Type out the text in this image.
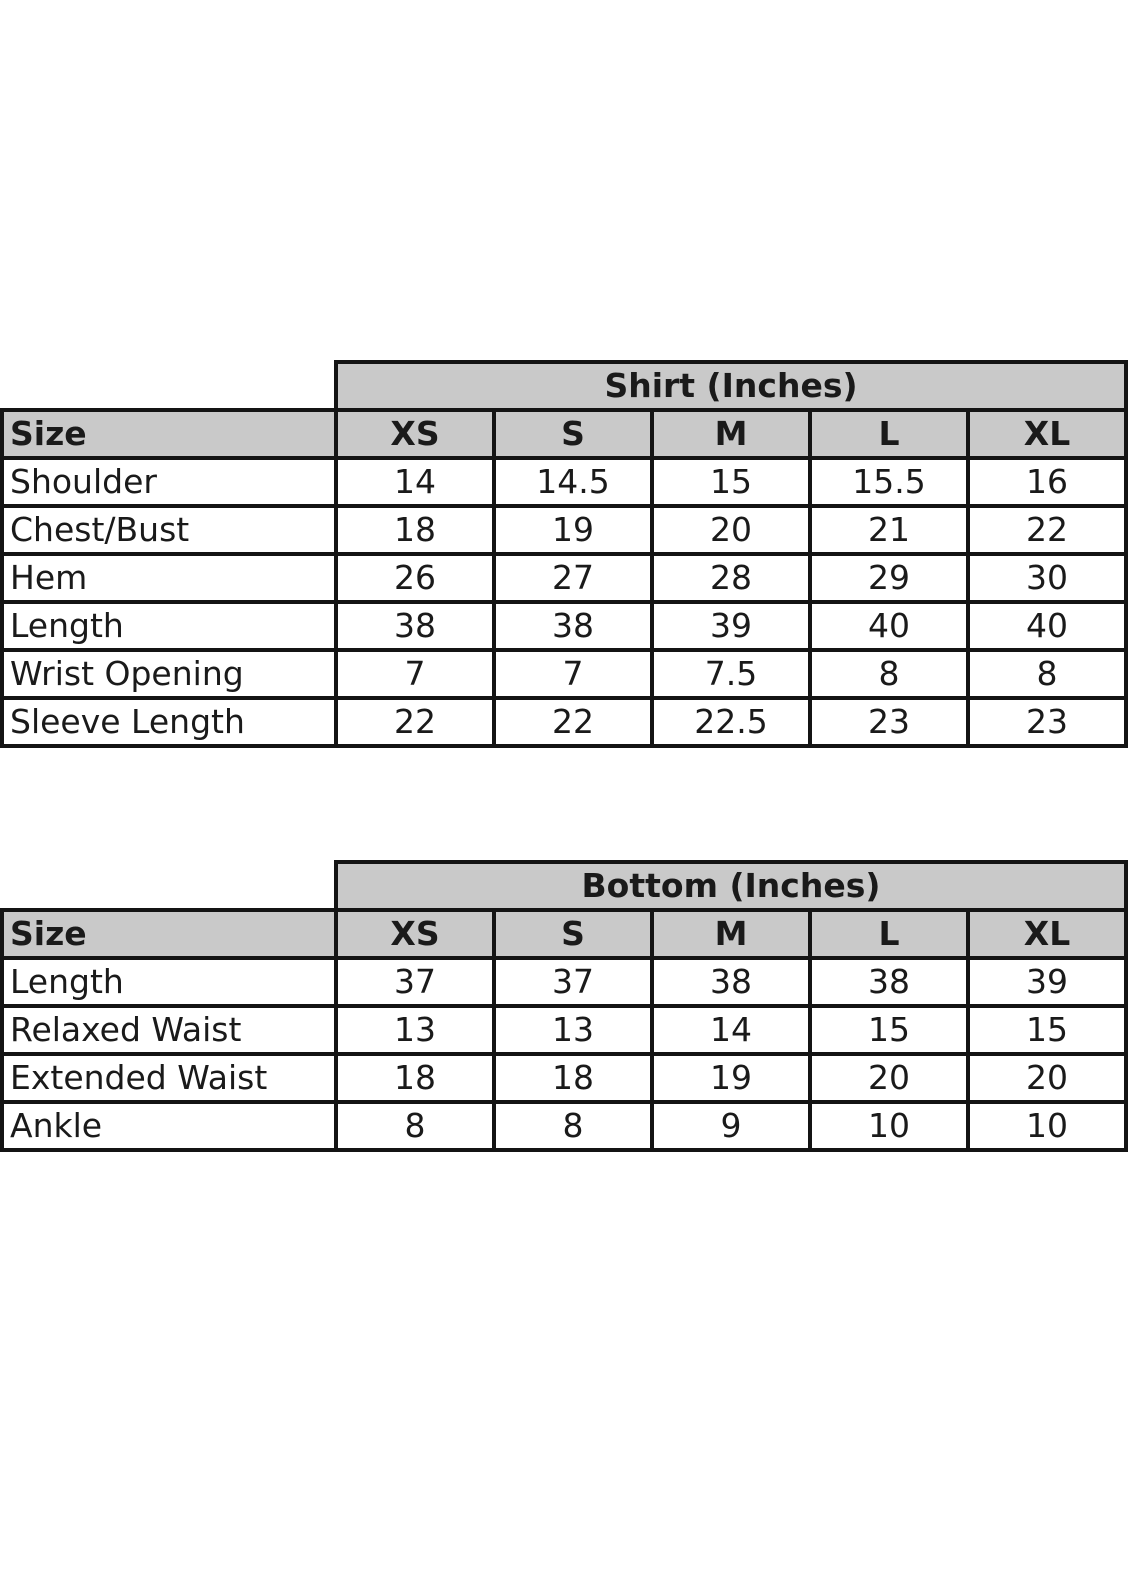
	Shirt (Inches)				
Size	XS	S	M	L	XL
Shoulder	14	14.5	15	15.5	16
Chest/Bust	18	19	20	21	22
Hem	26	27	28	29	30
Length	38	38	39	40	40
Wrist Opening	7	7	7.5	8	8
Sleeve Length	22	22	22.5	23	23
	Bottom (Inches)				
Size	XS	S	M	L	XL
Length	37	37	38	38	39
Relaxed Waist	13	13	14	15	15
Extended Waist	18	18	19	20	20
Ankle	8	8	9	10	10
